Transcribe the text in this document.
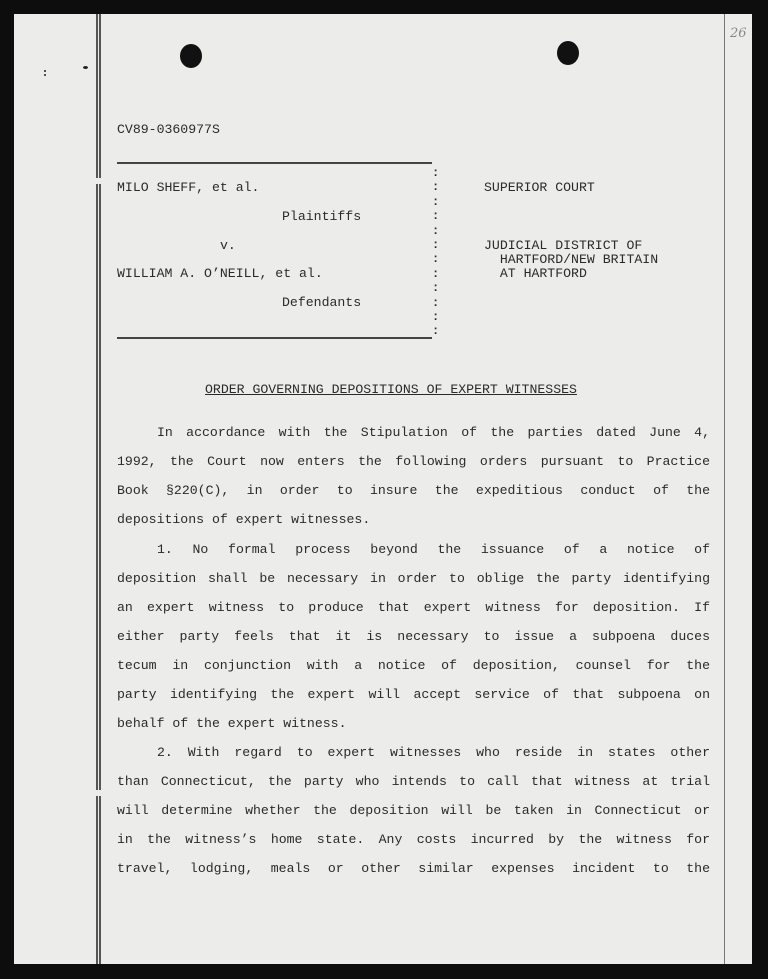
26
CV89-0360977S
MILO SHEFF, et al.
Plaintiffs
v.
WILLIAM A. O’NEILL, et al.
Defendants
:
:
:
:
:
:
:
:
:
:
:
:
SUPERIOR COURT
JUDICIAL DISTRICT OF
HARTFORD/NEW BRITAIN
AT HARTFORD
ORDER GOVERNING DEPOSITIONS OF EXPERT WITNESSES
In accordance with the Stipulation of the parties dated June 4,
1992, the Court now enters the following orders pursuant to Practice
Book §220(C), in order to insure the expeditious conduct of the
depositions of expert witnesses.
1. No formal process beyond the issuance of a notice of
deposition shall be necessary in order to oblige the party identifying
an expert witness to produce that expert witness for deposition. If
either party feels that it is necessary to issue a subpoena duces
tecum in conjunction with a notice of deposition, counsel for the
party identifying the expert will accept service of that subpoena on
behalf of the expert witness.
2. With regard to expert witnesses who reside in states other
than Connecticut, the party who intends to call that witness at trial
will determine whether the deposition will be taken in Connecticut or
in the witness’s home state. Any costs incurred by the witness for
travel, lodging, meals or other similar expenses incident to the
